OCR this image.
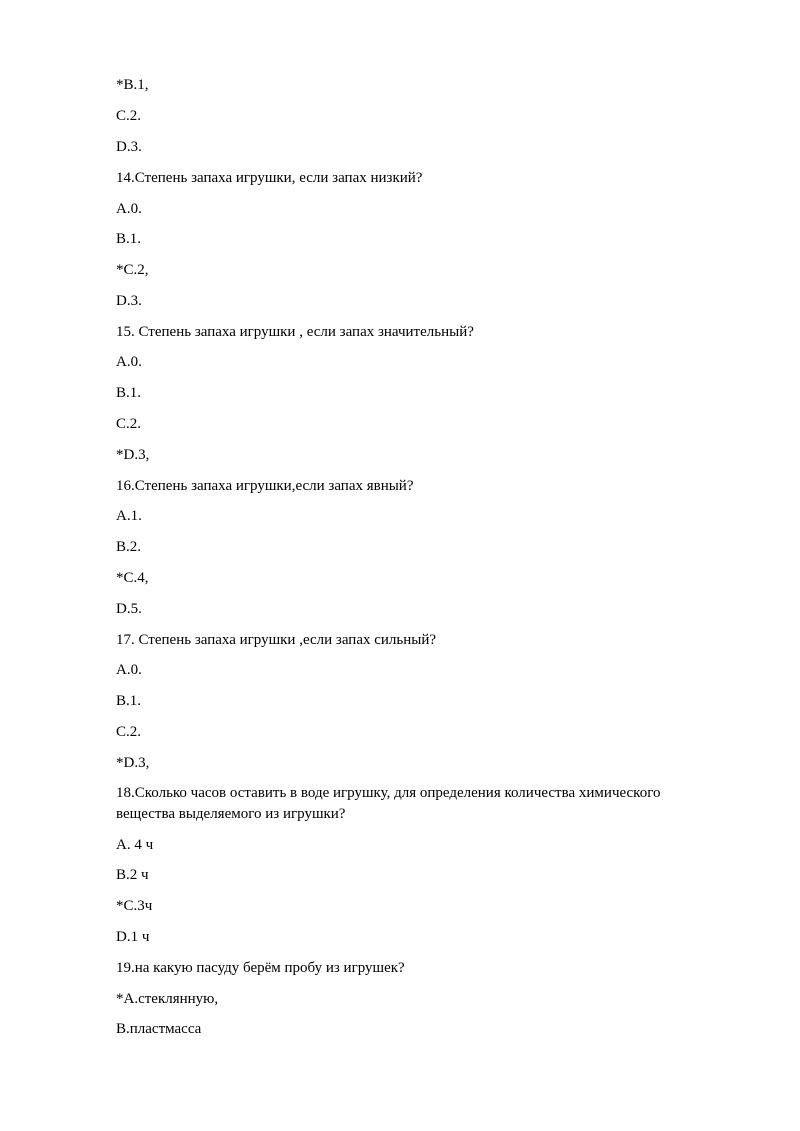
*B.1,
C.2.
D.3.
14.Степень запаха игрушки, если запах низкий?
A.0.
B.1.
*C.2,
D.3.
15. Степень запаха игрушки , если запах значительный?
A.0.
B.1.
C.2.
*D.3,
16.Степень запаха игрушки,если запах явный?
A.1.
B.2.
*C.4,
D.5.
17. Степень запаха игрушки ,если запах сильный?
A.0.
B.1.
C.2.
*D.3,
18.Сколько часов оставить в воде игрушку, для определения количества химического вещества выделяемого из игрушки?
A. 4 ч
B.2 ч
*C.3ч
D.1 ч
19.на какую пасуду берём пробу из игрушек?
*A.стеклянную,
B.пластмасса
